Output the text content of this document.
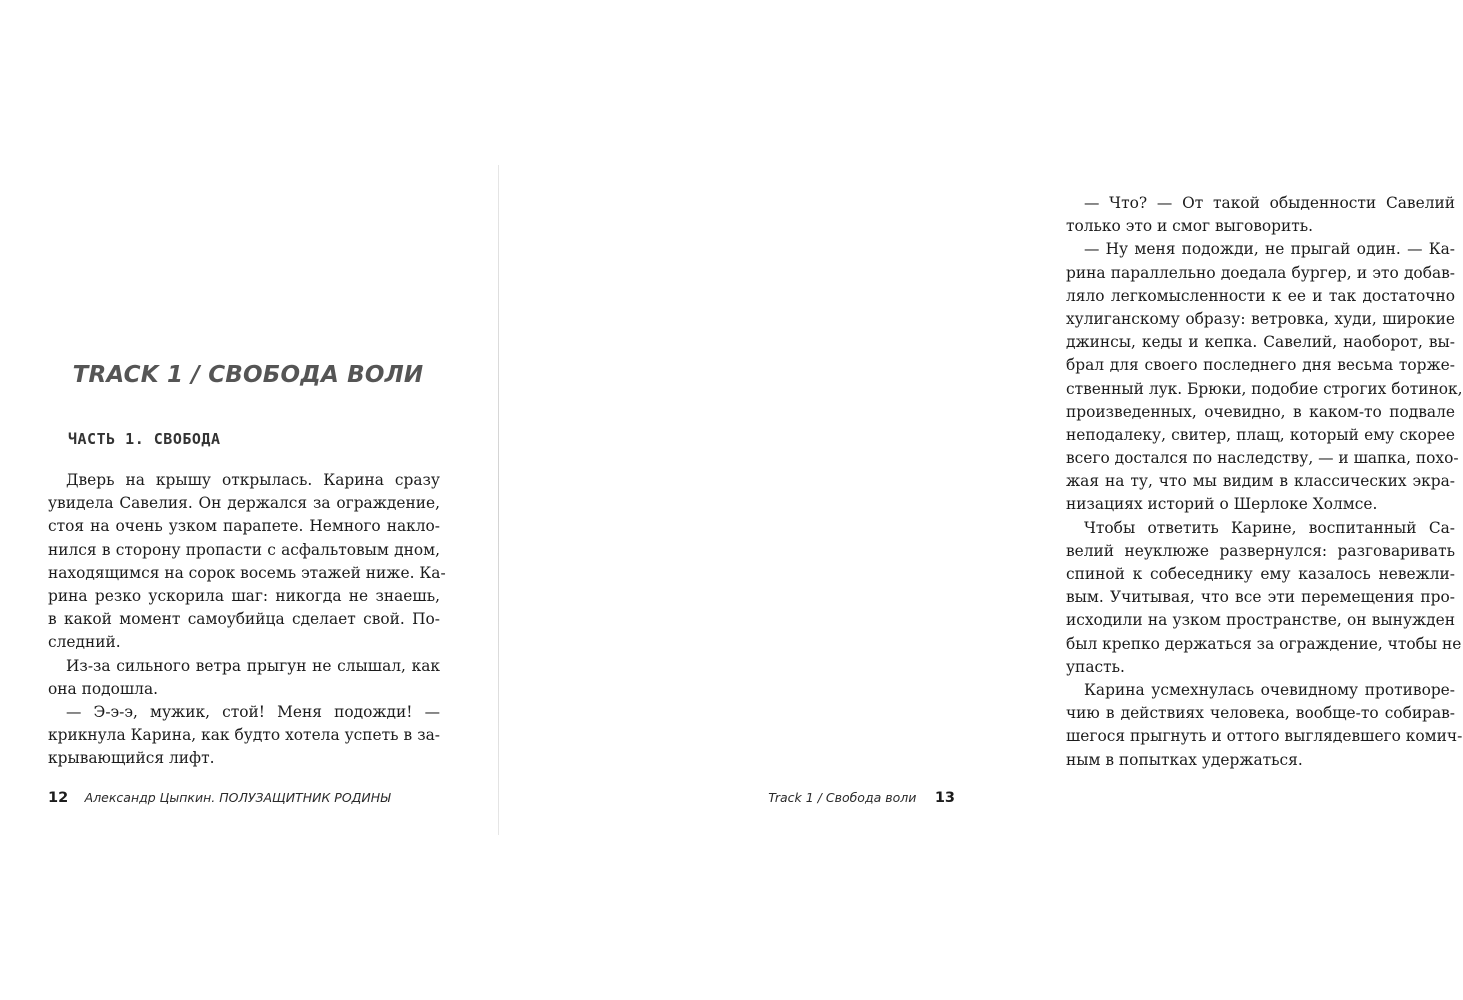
TRACK 1 / СВОБОДА ВОЛИ
ЧАСТЬ 1. СВОБОДА
Дверь на крышу открылась. Карина сразу
увидела Савелия. Он держался за ограждение,
стоя на очень узком парапете. Немного накло-
нился в сторону пропасти с асфальтовым дном,
находящимся на сорок восемь этажей ниже. Ка-
рина резко ускорила шаг: никогда не знаешь,
в какой момент самоубийца сделает свой. По-
следний.
Из-за сильного ветра прыгун не слышал, как
она подошла.
— Э-э-э, мужик, стой! Меня подожди! —
крикнула Карина, как будто хотела успеть в за-
крывающийся лифт.
12 Александр Цыпкин. ПОЛУЗАЩИТНИК РОДИНЫ
— Что? — От такой обыденности Савелий
только это и смог выговорить.
— Ну меня подожди, не прыгай один. — Ка-
рина параллельно доедала бургер, и это добав-
ляло легкомысленности к ее и так достаточно
хулиганскому образу: ветровка, худи, широкие
джинсы, кеды и кепка. Савелий, наоборот, вы-
брал для своего последнего дня весьма торже-
ственный лук. Брюки, подобие строгих ботинок,
произведенных, очевидно, в каком-то подвале
неподалеку, свитер, плащ, который ему скорее
всего достался по наследству, — и шапка, похо-
жая на ту, что мы видим в классических экра-
низациях историй о Шерлоке Холмсе.
Чтобы ответить Карине, воспитанный Са-
велий неуклюже развернулся: разговаривать
спиной к собеседнику ему казалось невежли-
вым. Учитывая, что все эти перемещения про-
исходили на узком пространстве, он вынужден
был крепко держаться за ограждение, чтобы не
упасть.
Карина усмехнулась очевидному противоре-
чию в действиях человека, вообще-то собирав-
шегося прыгнуть и оттого выглядевшего комич-
ным в попытках удержаться.
Track 1 / Свобода воли 13
